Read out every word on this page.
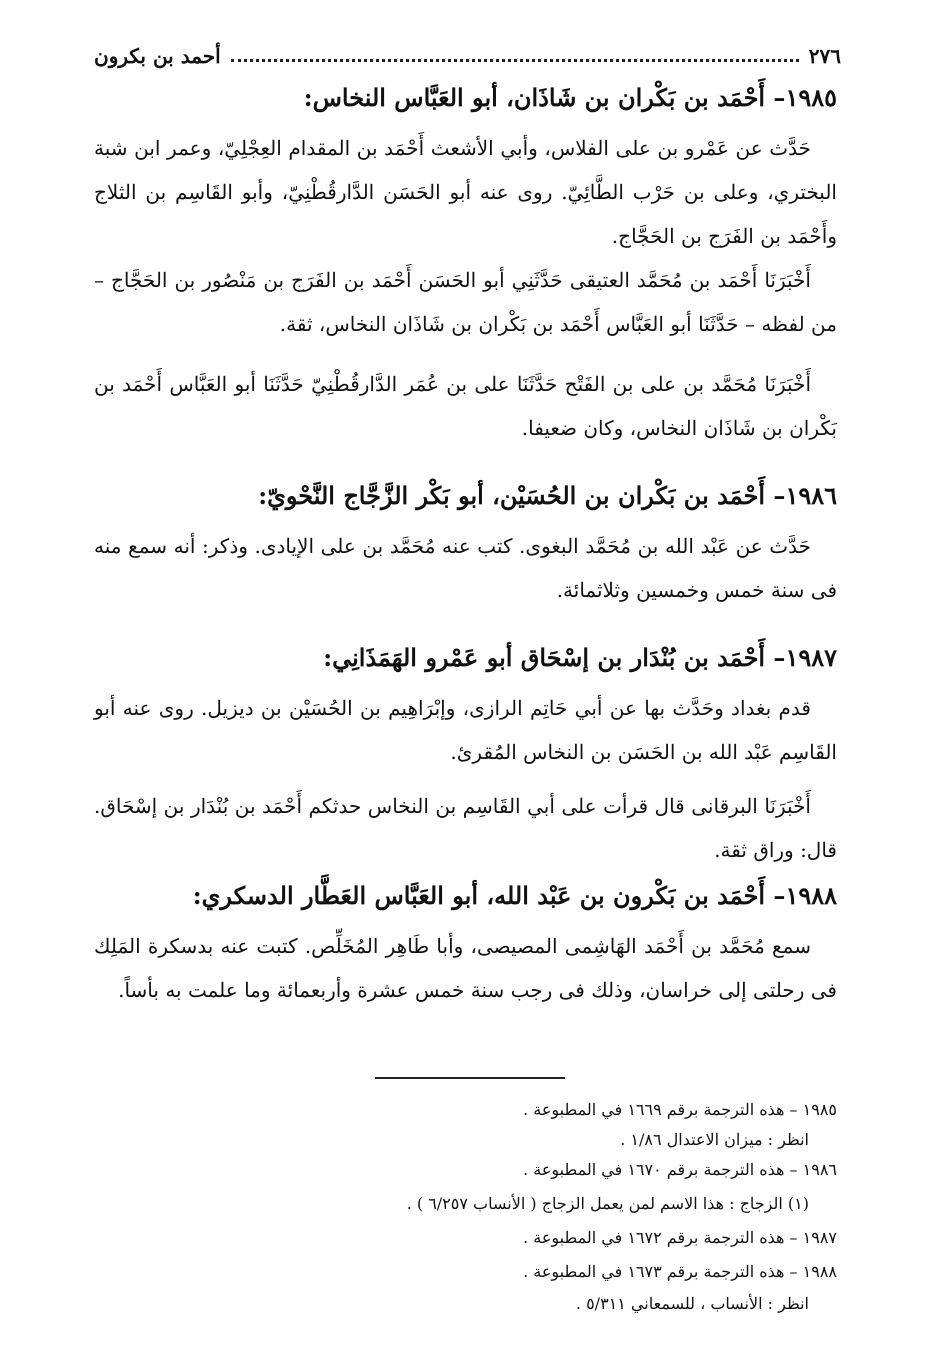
٢٧٦
أحمد بن بكرون
١٩٨٥– أَحْمَد بن بَكْران بن شَاذَان، أبو العَبَّاس النخاس:

حَدَّث عن عَمْرو بن على الفلاس، وأبي الأشعث أَحْمَد بن المقدام العِجْلِيّ، وعمر ابن شبة البختري، وعلى بن حَرْب الطَّائِيّ. روى عنه أبو الحَسَن الدَّارقُطْنِيّ، وأبو القَاسِم بن الثلاج وأَحْمَد بن الفَرَج بن الحَجَّاج.

أَخْبَرَنَا أَحْمَد بن مُحَمَّد العتيقى حَدَّثَنِي أبو الحَسَن أَحْمَد بن الفَرَج بن مَنْصُور بن الحَجَّاج – من لفظه – حَدَّثَنَا أبو العَبَّاس أَحْمَد بن بَكْران بن شَاذَان النخاس، ثقة.

أَخْبَرَنَا مُحَمَّد بن على بن الفَتْح حَدَّثَنَا على بن عُمَر الدَّارقُطْنِيّ حَدَّثَنَا أبو العَبَّاس أَحْمَد بن بَكْران بن شَاذَان النخاس، وكان ضعيفا.

١٩٨٦– أَحْمَد بن بَكْران بن الحُسَيْن، أبو بَكْر الزَّجَّاج النَّحْويّ:

حَدَّث عن عَبْد الله بن مُحَمَّد البغوى. كتب عنه مُحَمَّد بن على الإيادى. وذكر: أنه سمع منه فى سنة خمس وخمسين وثلاثمائة.

١٩٨٧– أَحْمَد بن بُنْدَار بن إسْحَاق أبو عَمْرو الهَمَذَانِي:

قدم بغداد وحَدَّث بها عن أبي حَاتِم الرازى، وإبْرَاهِيم بن الحُسَيْن بن ديزيل. روى عنه أبو القَاسِم عَبْد الله بن الحَسَن بن النخاس المُقرئ.

أَخْبَرَنَا البرقانى قال قرأت على أبي القَاسِم بن النخاس حدثكم أَحْمَد بن بُنْدَار بن إسْحَاق. قال: وراق ثقة.

١٩٨٨– أَحْمَد بن بَكْرون بن عَبْد الله، أبو العَبَّاس العَطَّار الدسكري:

سمع مُحَمَّد بن أَحْمَد الهَاشِمى المصيصى، وأبا طَاهِر المُخَلِّص. كتبت عنه بدسكرة المَلِك فى رحلتى إلى خراسان، وذلك فى رجب سنة خمس عشرة وأربعمائة وما علمت به بأساً.

١٩٨٥ – هذه الترجمة برقم ١٦٦٩ في المطبوعة .
انظر : ميزان الاعتدال ١/٨٦ .
١٩٨٦ – هذه الترجمة برقم ١٦٧٠ في المطبوعة .
(١) الزجاج : هذا الاسم لمن يعمل الزجاج ( الأنساب ٦/٢٥٧ ) .
١٩٨٧ – هذه الترجمة برقم ١٦٧٢ في المطبوعة .
١٩٨٨ – هذه الترجمة برقم ١٦٧٣ في المطبوعة .
انظر : الأنساب ، للسمعاني ٥/٣١١ .
